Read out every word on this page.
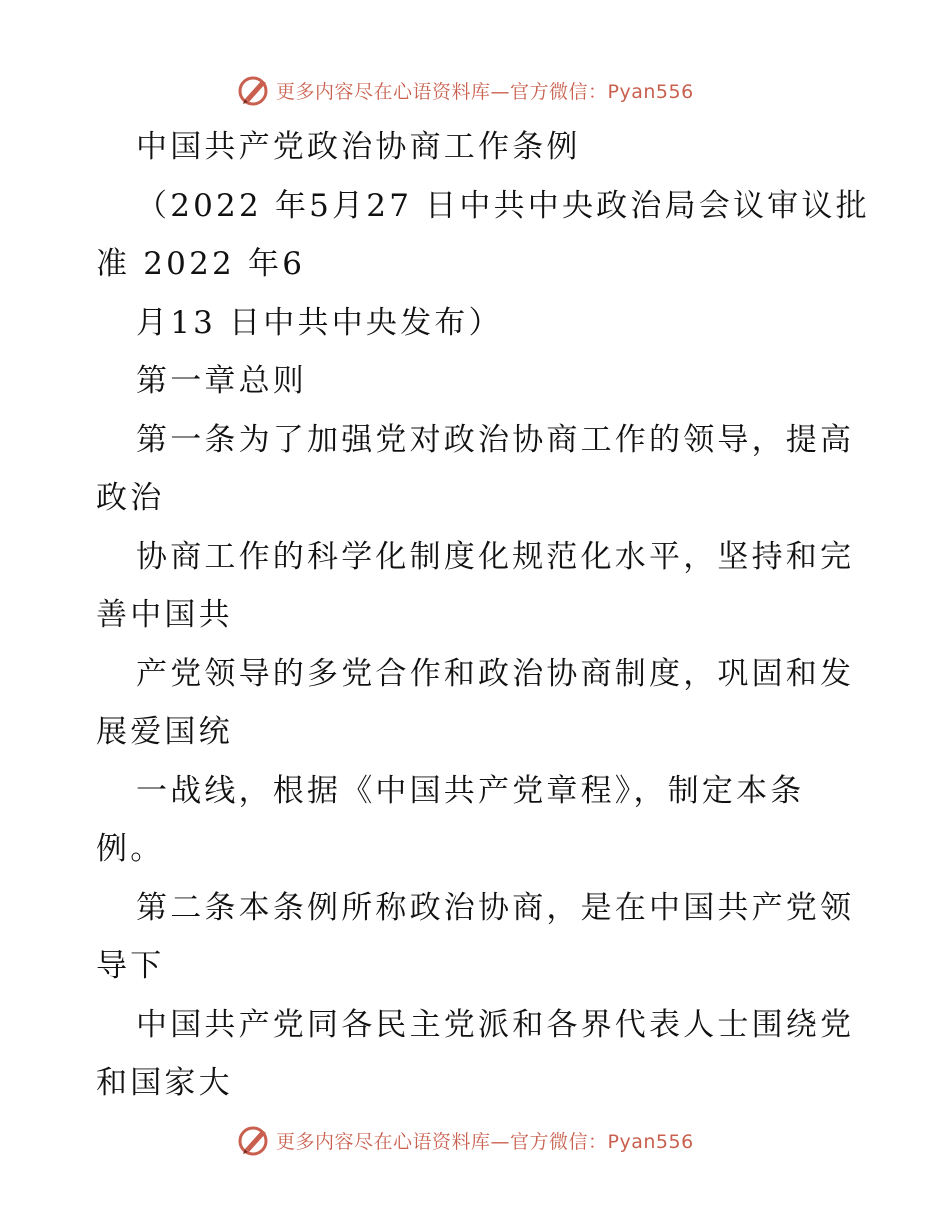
更多内容尽在心语资料库—官方微信：Pyan556
中国共产党政治协商工作条例
（2022 年5月27 日中共中央政治局会议审议批
准 2022 年6
月13 日中共中央发布）
第一章总则
第一条为了加强党对政治协商工作的领导，提高
政治
协商工作的科学化制度化规范化水平，坚持和完
善中国共
产党领导的多党合作和政治协商制度，巩固和发
展爱国统
一战线，根据《中国共产党章程》，制定本条
例。
第二条本条例所称政治协商，是在中国共产党领
导下
中国共产党同各民主党派和各界代表人士围绕党
和国家大
更多内容尽在心语资料库—官方微信：Pyan556
